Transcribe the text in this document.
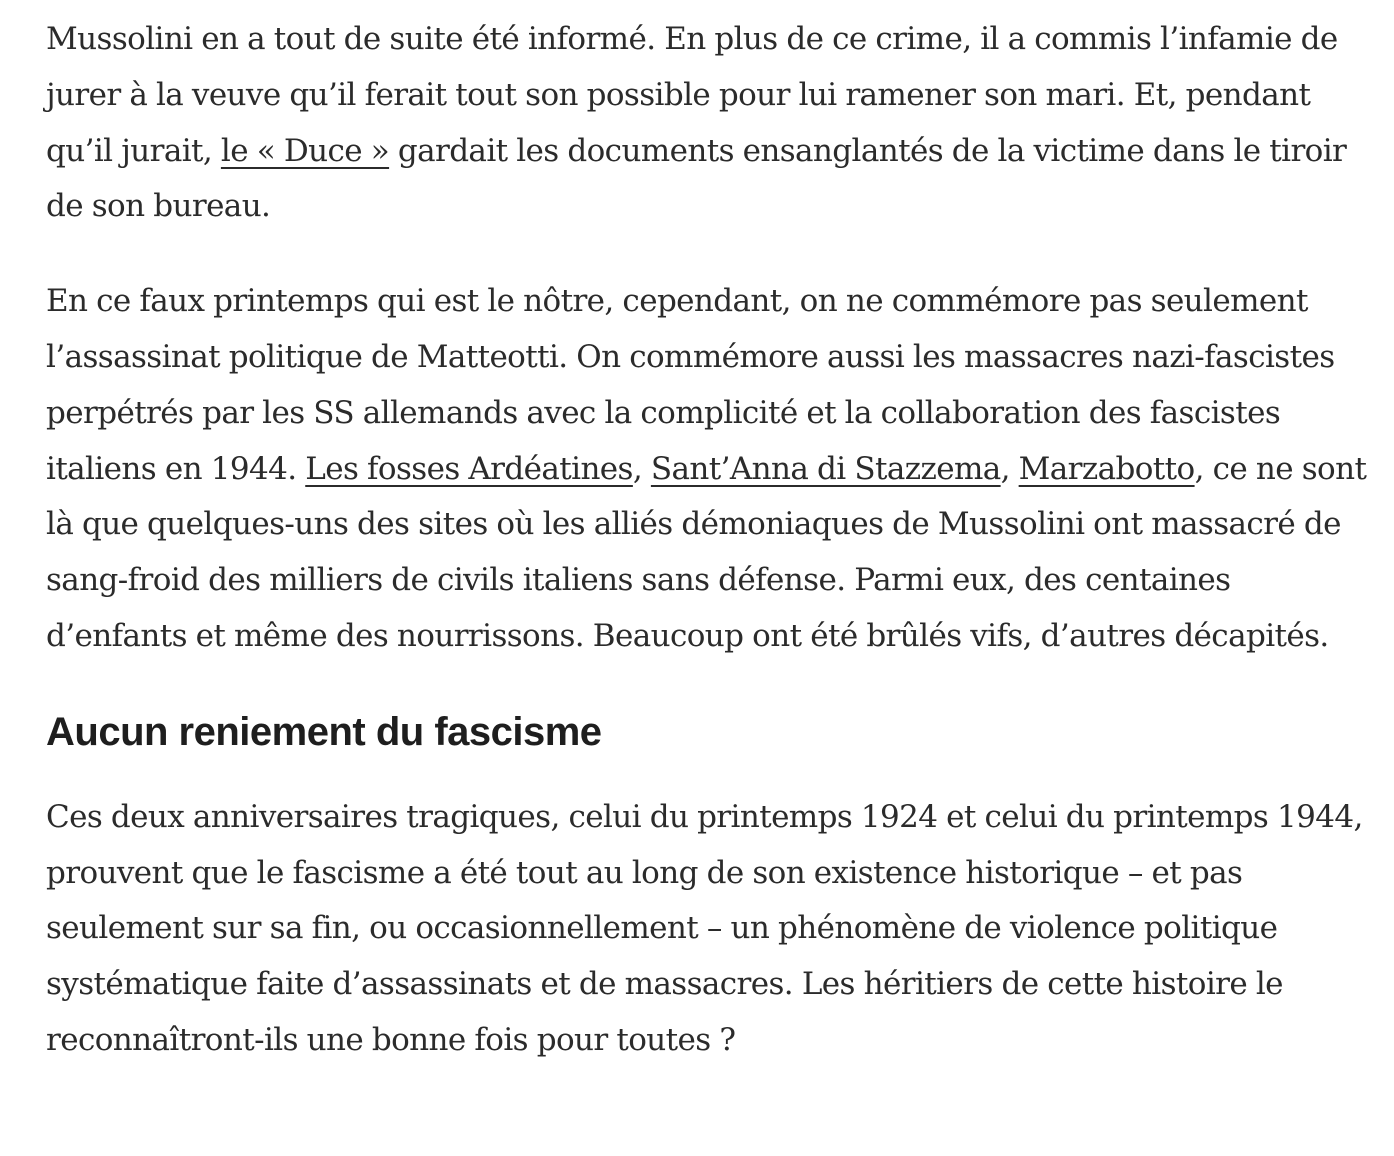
Mussolini en a tout de suite été informé. En plus de ce crime, il a commis l’infamie de jurer à la veuve qu’il ferait tout son possible pour lui ramener son mari. Et, pendant qu’il jurait, le « Duce » gardait les documents ensanglantés de la victime dans le tiroir de son bureau.

En ce faux printemps qui est le nôtre, cependant, on ne commémore pas seulement l’assassinat politique de Matteotti. On commémore aussi les massacres nazi-fascistes perpétrés par les SS allemands avec la complicité et la collaboration des fascistes italiens en 1944. Les fosses Ardéatines, Sant’Anna di Stazzema, Marzabotto, ce ne sont là que quelques-uns des sites où les alliés démoniaques de Mussolini ont massacré de sang-froid des milliers de civils italiens sans défense. Parmi eux, des centaines d’enfants et même des nourrissons. Beaucoup ont été brûlés vifs, d’autres décapités.

Aucun reniement du fascisme

Ces deux anniversaires tragiques, celui du printemps 1924 et celui du printemps 1944, prouvent que le fascisme a été tout au long de son existence historique – et pas seulement sur sa fin, ou occasionnellement – un phénomène de violence politique systématique faite d’assassinats et de massacres. Les héritiers de cette histoire le reconnaîtront-ils une bonne fois pour toutes ?
